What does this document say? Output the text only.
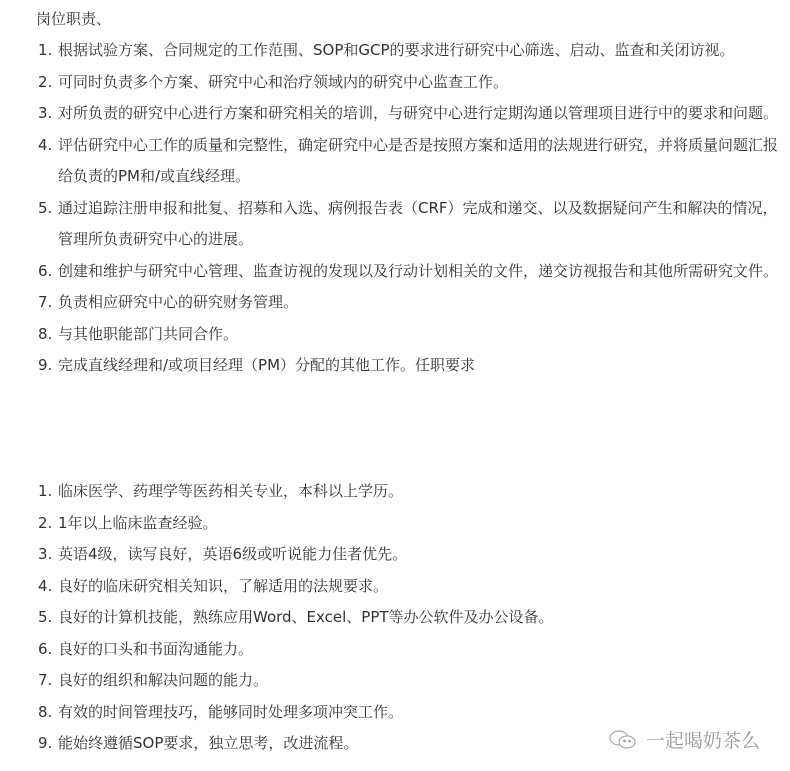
岗位职责、
1. 根据试验方案、合同规定的工作范围、SOP和GCP的要求进行研究中心筛选、启动、监查和关闭访视。
2. 可同时负责多个方案、研究中心和治疗领域内的研究中心监查工作。
3. 对所负责的研究中心进行方案和研究相关的培训，与研究中心进行定期沟通以管理项目进行中的要求和问题。
4. 评估研究中心工作的质量和完整性，确定研究中心是否是按照方案和适用的法规进行研究，并将质量问题汇报给负责的PM和/或直线经理。
5. 通过追踪注册申报和批复、招募和入选、病例报告表（CRF）完成和递交、以及数据疑问产生和解决的情况，管理所负责研究中心的进展。
6. 创建和维护与研究中心管理、监查访视的发现以及行动计划相关的文件，递交访视报告和其他所需研究文件。
7. 负责相应研究中心的研究财务管理。
8. 与其他职能部门共同合作。
9. 完成直线经理和/或项目经理（PM）分配的其他工作。任职要求
1. 临床医学、药理学等医药相关专业，本科以上学历。
2. 1年以上临床监查经验。
3. 英语4级，读写良好，英语6级或听说能力佳者优先。
4. 良好的临床研究相关知识，了解适用的法规要求。
5. 良好的计算机技能，熟练应用Word、Excel、PPT等办公软件及办公设备。
6. 良好的口头和书面沟通能力。
7. 良好的组织和解决问题的能力。
8. 有效的时间管理技巧，能够同时处理多项冲突工作。
9. 能始终遵循SOP要求，独立思考，改进流程。	一起喝奶茶么
